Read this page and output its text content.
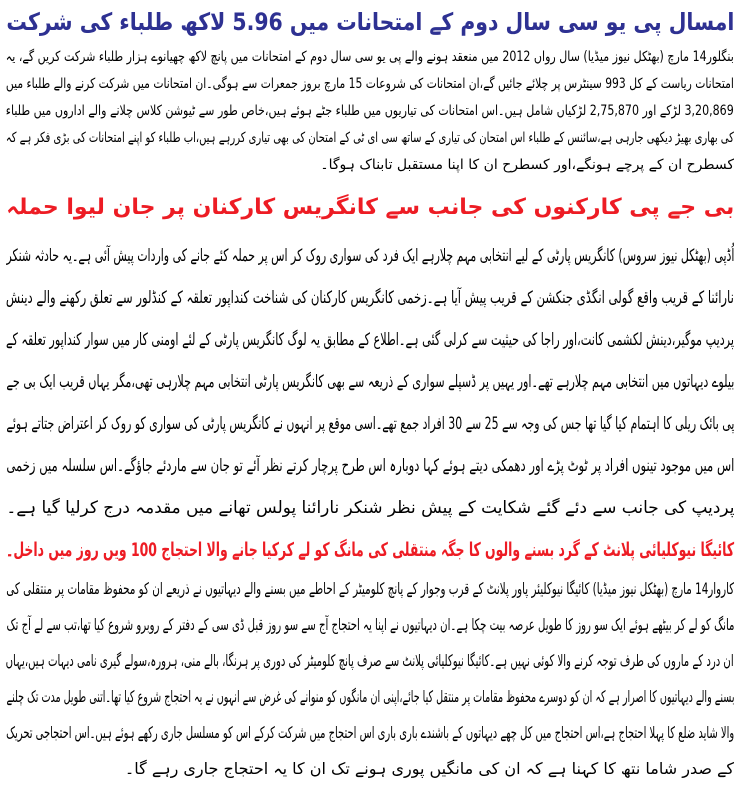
امسال پی یو سی سال دوم کے امتحانات میں 5.96 لاکھ طلباء کی شرکت
بنگلور14 مارچ (بھٹکل نیوز میڈیا) سال رواں 2012 میں منعقد ہونے والے پی یو سی سال دوم کے امتحانات میں پانچ لاکھ چھیانوے ہزار طلباء شرکت کریں گے، یہ
امتحانات ریاست کے کل 993 سینٹرس پر چلائے جائیں گے،ان امتحانات کی شروعات 15 مارچ بروز جمعرات سے ہوگی۔ان امتحانات میں شرکت کرنے والے طلباء میں
3,20,869 لڑکے اور 2,75,870 لڑکیاں شامل ہیں۔اس امتحانات کی تیاریوں میں طلباء جٹے ہوئے ہیں،خاص طور سے ٹیوشن کلاس چلانے والے اداروں میں طلباء
کی بھاری بھیڑ دیکھی جارہی ہے،سائنس کے طلباء اس امتحان کی تیاری کے ساتھ سی ای ٹی کے امتحان کی بھی تیاری کررہے ہیں،اب طلباء کو اپنے امتحانات کی بڑی فکر ہے کہ
کسطرح ان کے پرچے ہونگے،اور کسطرح ان کا اپنا مستقبل تابناک ہوگا۔
بی جے پی کارکنوں کی جانب سے کانگریس کارکنان پر جان لیوا حملہ
اُڈپی (بھٹکل نیوز سروس) کانگریس پارٹی کے لیے انتخابی مہم چلارہے ایک فرد کی سواری روک کر اس پر حملہ کئے جانے کی واردات پیش آئی ہے۔یہ حادثہ شنکر
نارائنا کے قریب واقع گولی انگڈی جنکشن کے قریب پیش آیا ہے۔زخمی کانگریس کارکنان کی شناخت کنداپور تعلقہ کے کنڈلور سے تعلق رکھنے والے دینش
پردیپ موگیر،دینش لکشمی کانت،اور راجا کی حیثیت سے کرلی گئی ہے۔اطلاع کے مطابق یہ لوگ کانگریس پارٹی کے لئے اومنی کار میں سوار کنداپور تعلقہ کے
بیلوے دیہاتوں میں انتخابی مہم چلارہے تھے۔اور یہیں پر ڈسپلے سواری کے ذریعہ سے بھی کانگریس پارٹی انتخابی مہم چلارہی تھی،مگر یہاں قریب ایک بی جے
پی بائک ریلی کا اہتمام کیا گیا تھا جس کی وجہ سے 25 سے 30 افراد جمع تھے۔اسی موقع پر انہوں نے کانگریس پارٹی کی سواری کو روک کر اعتراض جتاتے ہوئے
اس میں موجود تینوں افراد پر ٹوٹ پڑے اور دھمکی دیتے ہوئے کہا دوبارہ اس طرح پرچار کرتے نظر آئے تو جان سے ماردئے جاؤگے۔اس سلسلہ میں زخمی
پردیپ کی جانب سے دئے گئے شکایت کے پیش نظر شنکر نارائنا پولس تھانے میں مقدمہ درج کرلیا گیا ہے۔
کائیگا نیوکلیائی پلانٹ کے گرد بسنے والوں کا جگہ منتقلی کی مانگ کو لے کرکیا جانے والا احتجاج 100 ویں روز میں داخل۔
کاروار14 مارچ (بھٹکل نیوز میڈیا) کائیگا نیوکلیئر پاور پلانٹ کے قرب وجوار کے پانچ کلومیٹر کے احاطے میں بسنے والے دیہاتیوں نے ذریعے ان کو محفوظ مقامات پر منتقلی کی
مانگ کو لے کر بیٹھے ہوئے ایک سو روز کا طویل عرصہ بیت چکا ہے۔ان دیہاتیوں نے اپنا یہ احتجاج آج سے سو روز قبل ڈی سی کے دفتر کے روبرو شروع کیا تھا،تب سے لے آج تک
ان درد کے ماروں کی طرف توجہ کرنے والا کوئی نہیں ہے۔کائیگا نیوکلیائی پلانٹ سے صرف پانچ کلومیٹر کی دوری پر ہرنگا، بالے منی، ہرورہ،سولے گیری نامی دیہات ہیں،یہاں
بسنے والے دیہاتیوں کا اصرار ہے کہ ان کو دوسرے محفوظ مقامات پر منتقل کیا جائے،اپنی ان مانگوں کو منوانے کی غرض سے انہوں نے یہ احتجاج شروع کیا تھا۔اتنی طویل مدت تک چلنے
والا شاید ضلع کا پہلا احتجاج ہے،اس احتجاج میں کل چھے دیہاتوں کے باشندے باری باری اس احتجاج میں شرکت کرکے اس کو مسلسل جاری رکھے ہوئے ہیں۔اس احتجاجی تحریک
کے صدر شاما نتھ کا کہنا ہے کہ ان کی مانگیں پوری ہونے تک ان کا یہ احتجاج جاری رہے گا۔
